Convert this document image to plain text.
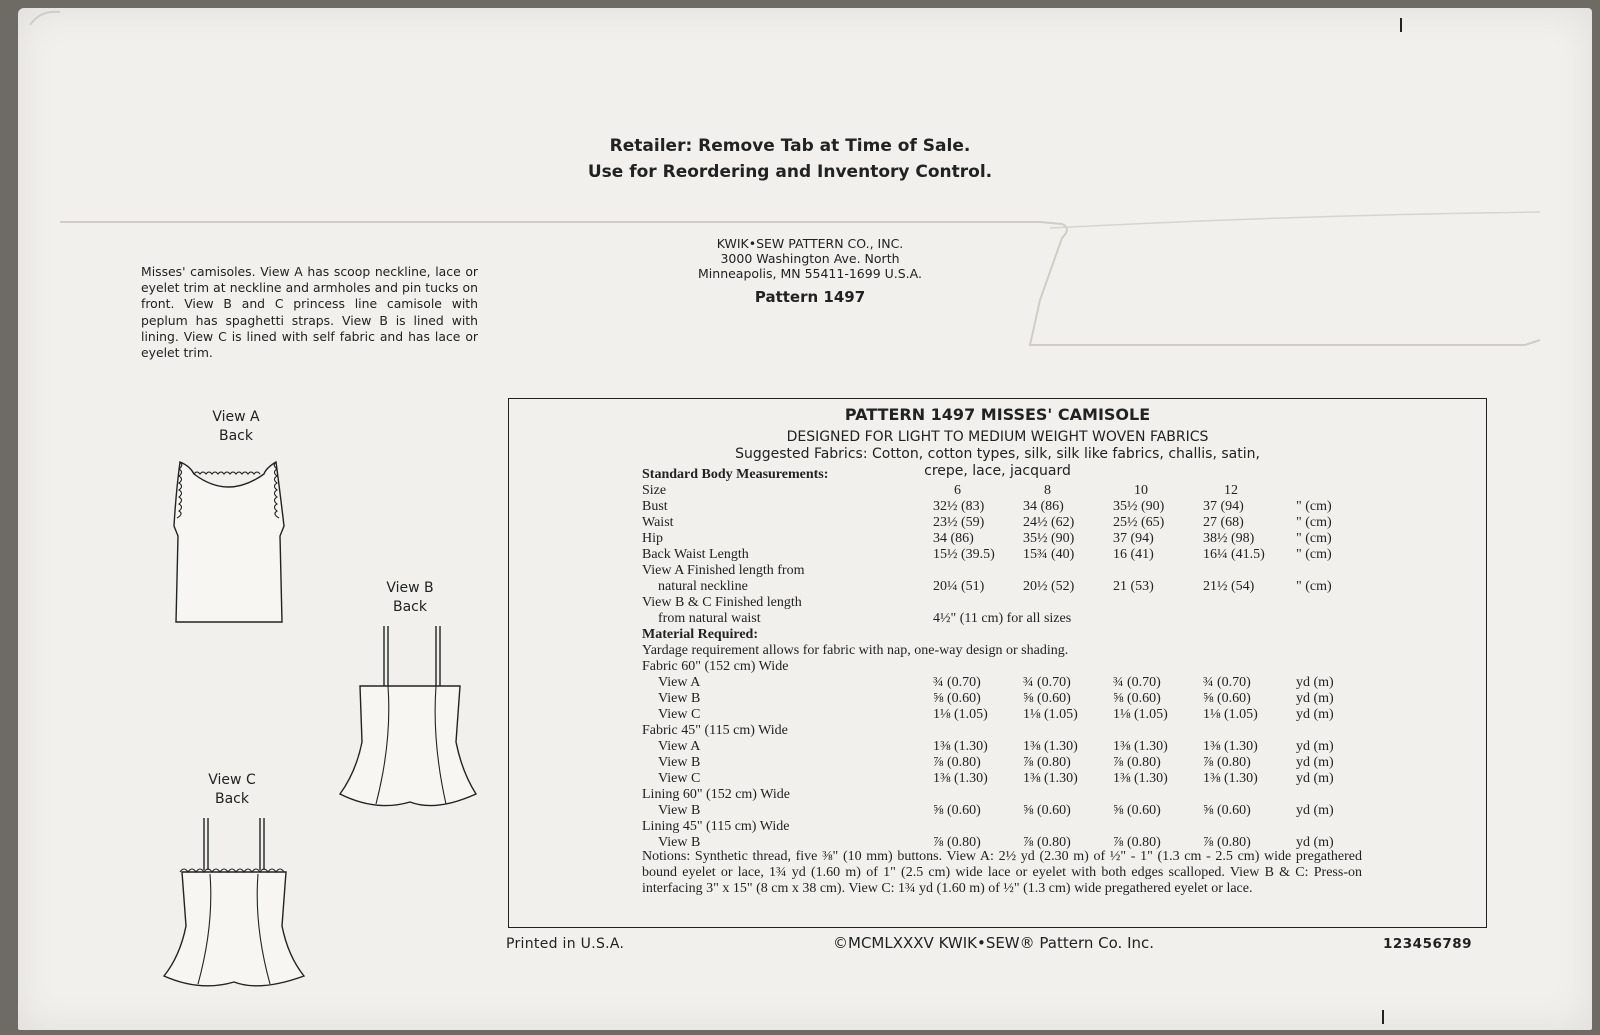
Retailer: Remove Tab at Time of Sale.
Use for Reordering and Inventory Control.
KWIK•SEW PATTERN CO., INC.
3000 Washington Ave. North
Minneapolis, MN 55411-1699 U.S.A.
Pattern 1497
Misses' camisoles. View A has scoop neckline, lace or eyelet trim at neckline and armholes and pin tucks on front. View B and C princess line camisole with peplum has spaghetti straps. View B is lined with lining. View C is lined with self fabric and has lace or eyelet trim.
View A
Back
View B
Back
View C
Back
PATTERN 1497 MISSES' CAMISOLE
DESIGNED FOR LIGHT TO MEDIUM WEIGHT WOVEN FABRICS
Suggested Fabrics: Cotton, cotton types, silk, silk like fabrics, challis, satin, crepe, lace, jacquard
Standard Body Measurements:
Size	6	8	10	12
Bust	32½ (83)	34 (86)	35½ (90)	37 (94)	" (cm)
Waist	23½ (59)	24½ (62)	25½ (65)	27 (68)	" (cm)
Hip	34 (86)	35½ (90)	37 (94)	38½ (98)	" (cm)
Back Waist Length	15½ (39.5) 15¾ (40)	16 (41)	16¼ (41.5) " (cm)
View A Finished length from
natural neckline	20¼ (51)	20½ (52)	21 (53)	21½ (54)	" (cm)
View B & C Finished length
from natural waist	4½" (11 cm) for all sizes
Material Required:
Yardage requirement allows for fabric with nap, one-way design or shading.
Fabric 60" (152 cm) Wide
View A	¾ (0.70)	¾ (0.70)	¾ (0.70)	¾ (0.70)	yd (m)
View B	⅝ (0.60)	⅝ (0.60)	⅝ (0.60)	⅝ (0.60)	yd (m)
View C	1⅛ (1.05)	1⅛ (1.05)	1⅛ (1.05)	1⅛ (1.05)	yd (m)
Fabric 45" (115 cm) Wide
View A	1⅜ (1.30)	1⅜ (1.30)	1⅜ (1.30)	1⅜ (1.30)	yd (m)
View B	⅞ (0.80)	⅞ (0.80)	⅞ (0.80)	⅞ (0.80)	yd (m)
View C	1⅜ (1.30)	1⅜ (1.30)	1⅜ (1.30)	1⅜ (1.30)	yd (m)
Lining 60" (152 cm) Wide
View B	⅝ (0.60)	⅝ (0.60)	⅝ (0.60)	⅝ (0.60)	yd (m)
Lining 45" (115 cm) Wide
View B	⅞ (0.80)	⅞ (0.80)	⅞ (0.80)	⅞ (0.80)	yd (m)
Notions: Synthetic thread, five ⅜" (10 mm) buttons. View A: 2½ yd (2.30 m) of ½" - 1" (1.3 cm - 2.5 cm) wide pregathered bound eyelet or lace, 1¾ yd (1.60 m) of 1" (2.5 cm) wide lace or eyelet with both edges scalloped. View B & C: Press-on interfacing 3" x 15" (8 cm x 38 cm). View C: 1¾ yd (1.60 m) of ½" (1.3 cm) wide pregathered eyelet or lace.
Printed in U.S.A.	©MCMLXXXV KWIK•SEW® Pattern Co. Inc.	123456789
